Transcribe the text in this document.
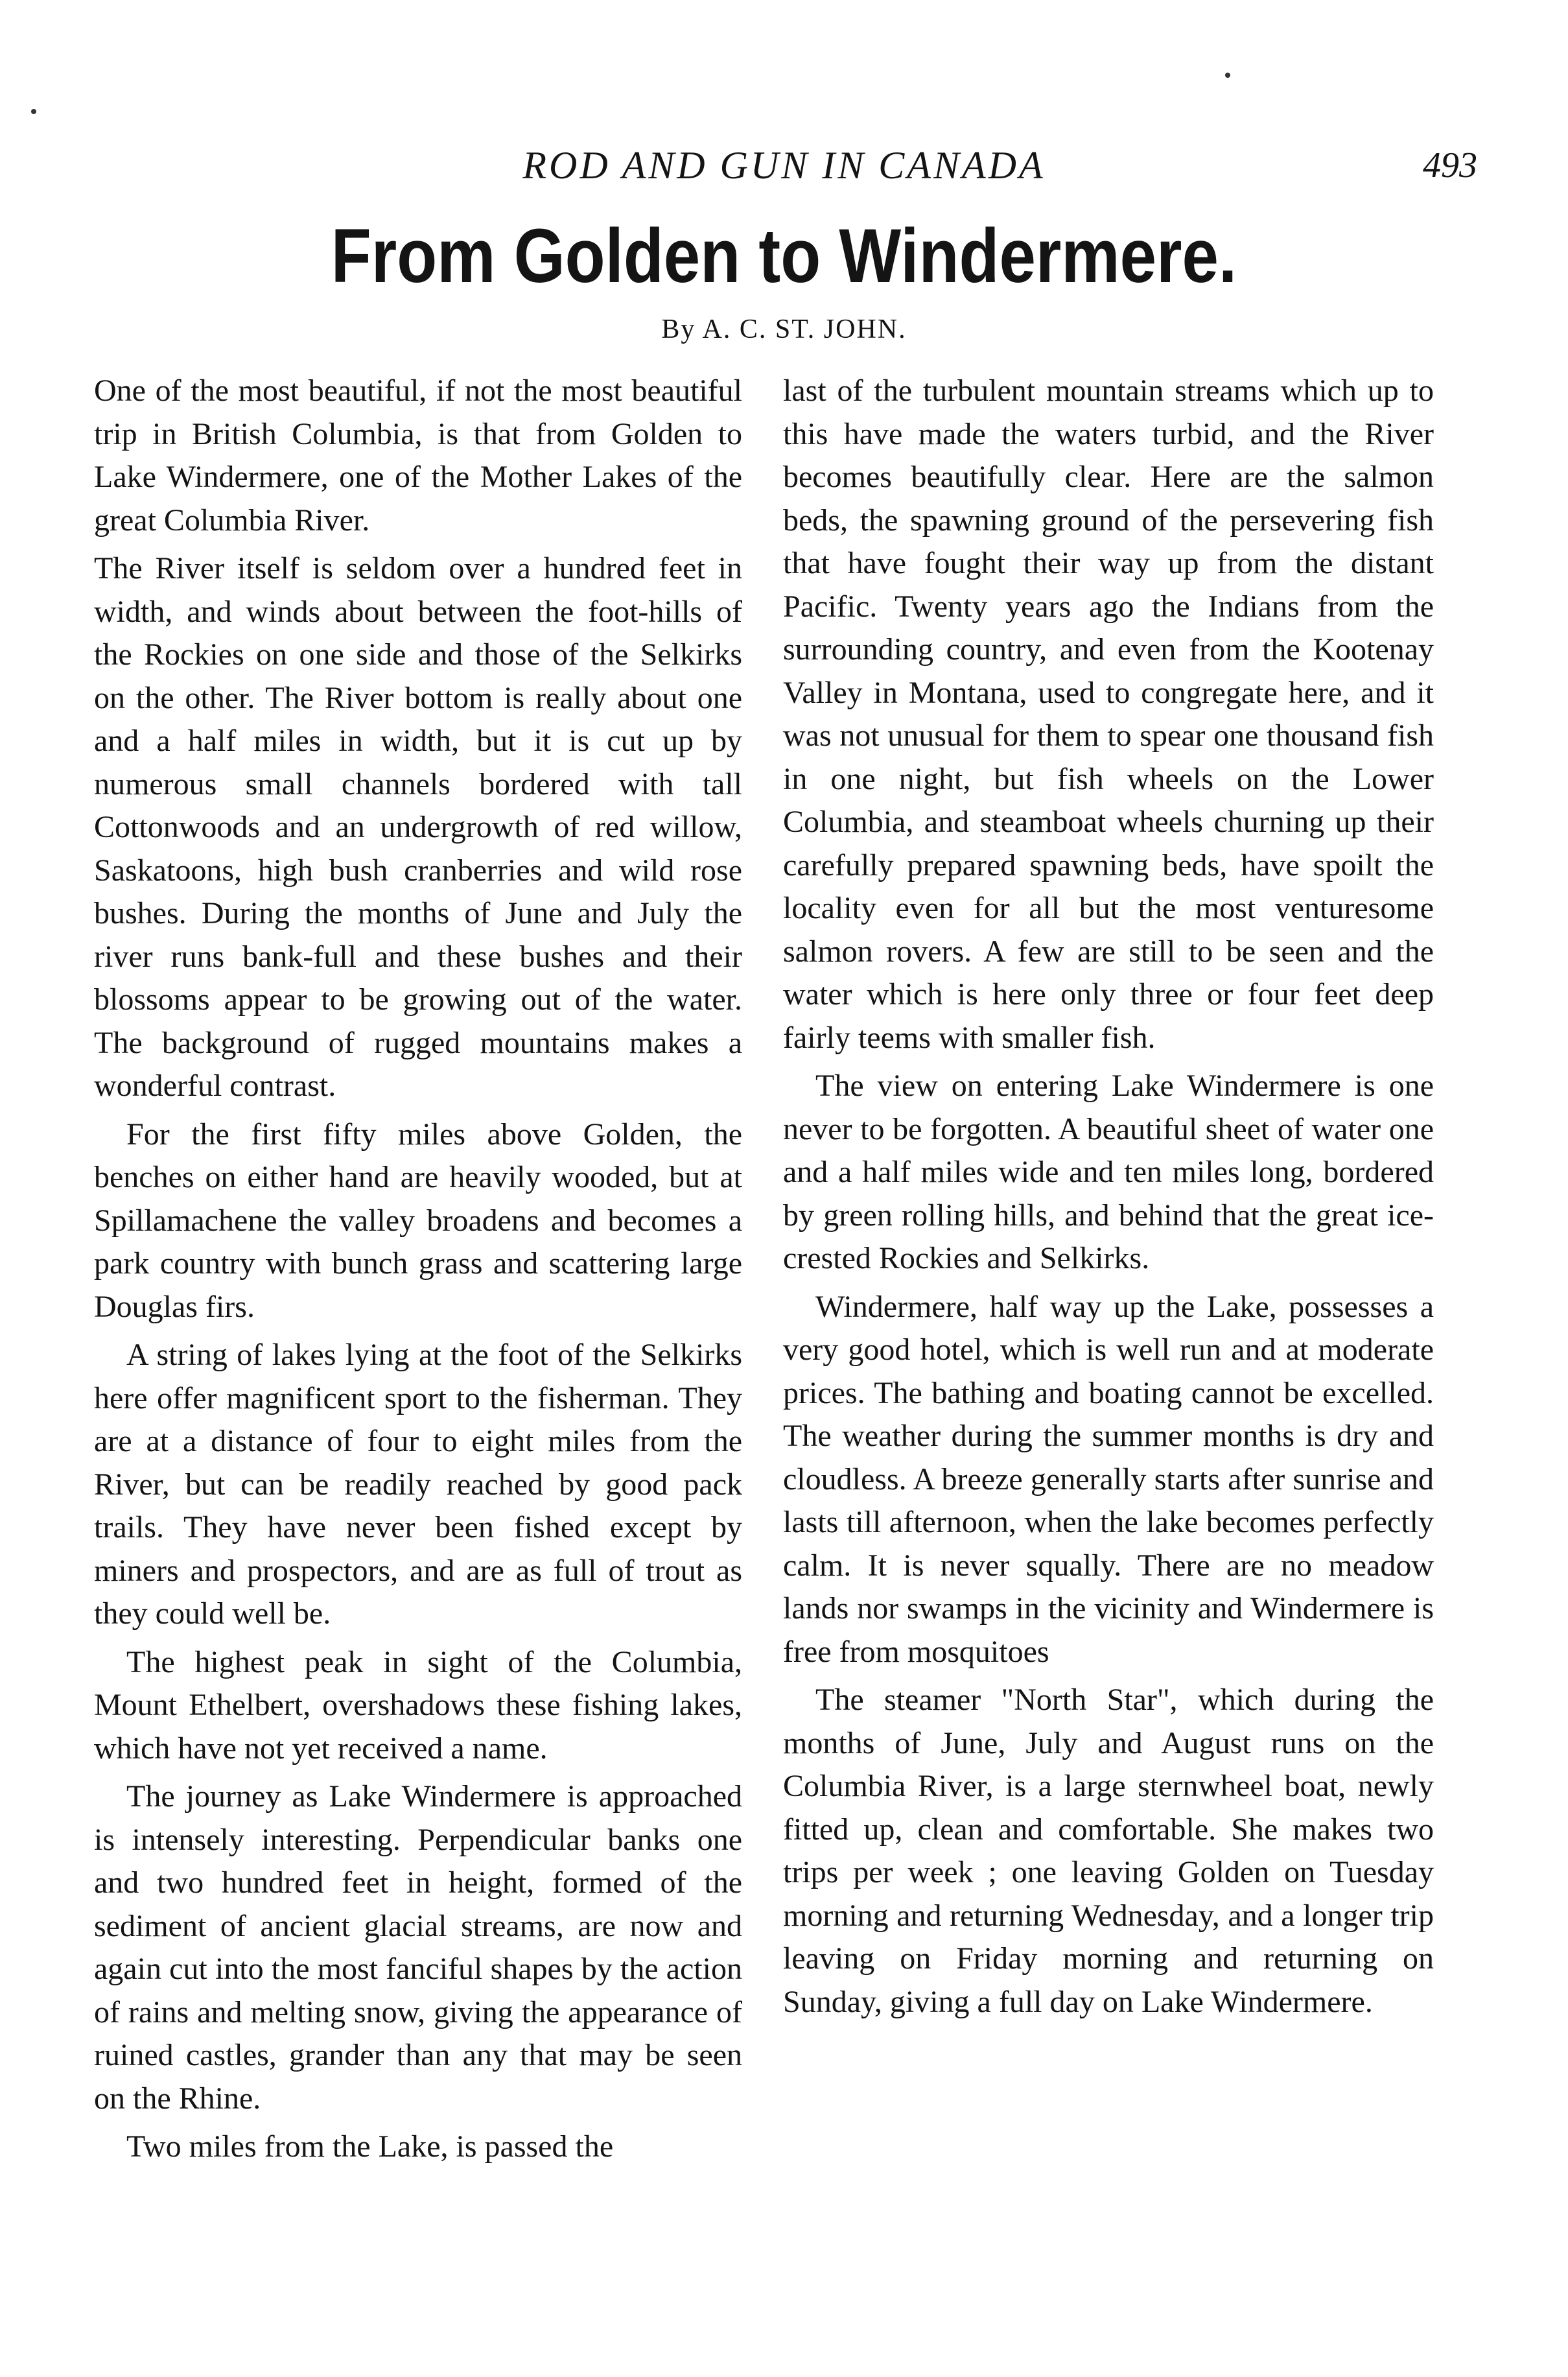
ROD AND GUN IN CANADA	493
From Golden to Windermere.
By A. C. ST. JOHN.

One of the most beautiful, if not the most beautiful trip in British Columbia, is that from Golden to Lake Windermere, one of the Mother Lakes of the great Columbia River.

The River itself is seldom over a hundred feet in width, and winds about between the foot-hills of the Rockies on one side and those of the Selkirks on the other. The River bottom is really about one and a half miles in width, but it is cut up by numerous small channels bordered with tall Cottonwoods and an undergrowth of red willow, Saskatoons, high bush cranberries and wild rose bushes. During the months of June and July the river runs bank-full and these bushes and their blossoms appear to be growing out of the water. The background of rugged mountains makes a wonderful contrast.

For the first fifty miles above Golden, the benches on either hand are heavily wooded, but at Spillamachene the valley broadens and becomes a park country with bunch grass and scattering large Douglas firs.

A string of lakes lying at the foot of the Selkirks here offer magnificent sport to the fisherman. They are at a distance of four to eight miles from the River, but can be readily reached by good pack trails. They have never been fished except by miners and prospectors, and are as full of trout as they could well be.

The highest peak in sight of the Columbia, Mount Ethelbert, overshadows these fishing lakes, which have not yet received a name.

The journey as Lake Windermere is approached is intensely interesting. Perpendicular banks one and two hundred feet in height, formed of the sediment of ancient glacial streams, are now and again cut into the most fanciful shapes by the action of rains and melting snow, giving the appearance of ruined castles, grander than any that may be seen on the Rhine.

Two miles from the Lake, is passed the

last of the turbulent mountain streams which up to this have made the waters turbid, and the River becomes beautifully clear. Here are the salmon beds, the spawning ground of the persevering fish that have fought their way up from the distant Pacific. Twenty years ago the Indians from the surrounding country, and even from the Kootenay Valley in Montana, used to congregate here, and it was not unusual for them to spear one thousand fish in one night, but fish wheels on the Lower Columbia, and steamboat wheels churning up their carefully prepared spawning beds, have spoilt the locality even for all but the most venturesome salmon rovers. A few are still to be seen and the water which is here only three or four feet deep fairly teems with smaller fish.

The view on entering Lake Windermere is one never to be forgotten. A beautiful sheet of water one and a half miles wide and ten miles long, bordered by green rolling hills, and behind that the great ice-crested Rockies and Selkirks.

Windermere, half way up the Lake, possesses a very good hotel, which is well run and at moderate prices. The bathing and boating cannot be excelled. The weather during the summer months is dry and cloudless. A breeze generally starts after sunrise and lasts till afternoon, when the lake becomes perfectly calm. It is never squally. There are no meadow lands nor swamps in the vicinity and Windermere is free from mosquitoes

The steamer "North Star", which during the months of June, July and August runs on the Columbia River, is a large sternwheel boat, newly fitted up, clean and comfortable. She makes two trips per week ; one leaving Golden on Tuesday morning and returning Wednesday, and a longer trip leaving on Friday morning and returning on Sunday, giving a full day on Lake Windermere.
